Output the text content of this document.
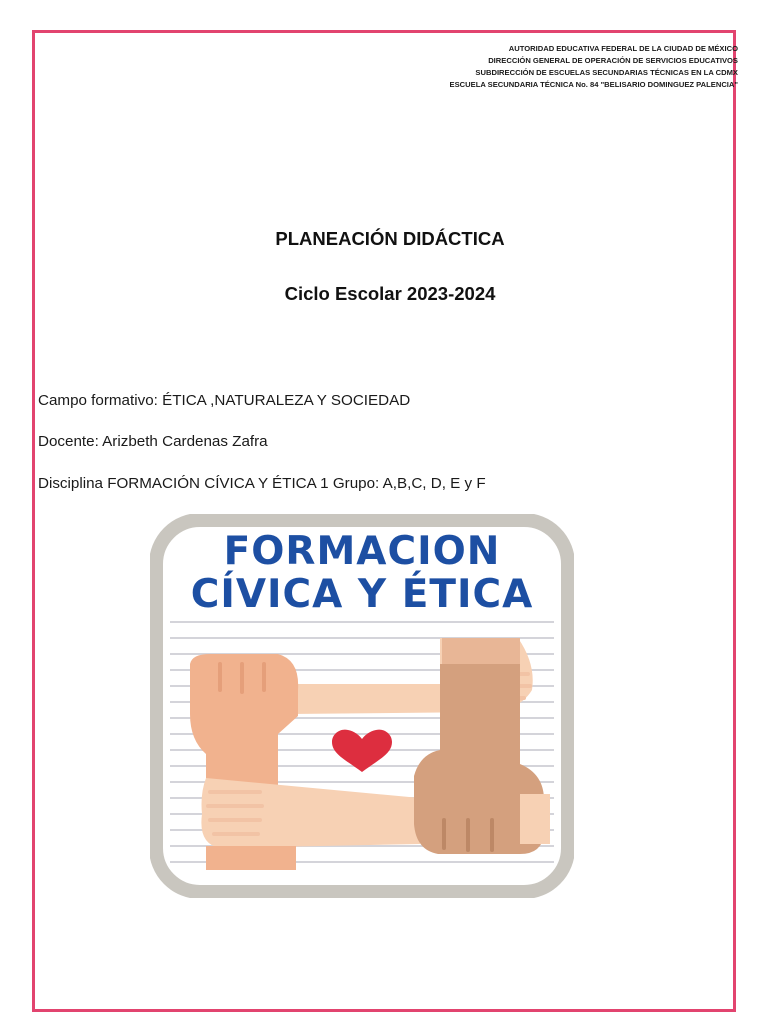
AUTORIDAD EDUCATIVA FEDERAL DE LA CIUDAD DE MÉXICO
DIRECCIÓN GENERAL DE OPERACIÓN DE SERVICIOS EDUCATIVOS
SUBDIRECCIÓN DE ESCUELAS SECUNDARIAS TÉCNICAS EN LA CDMX
ESCUELA SECUNDARIA TÉCNICA No. 84 "BELISARIO DOMINGUEZ PALENCIA"
PLANEACIÓN DIDÁCTICA
Ciclo Escolar 2023-2024
Campo formativo: ÉTICA ,NATURALEZA Y SOCIEDAD
Docente: Arizbeth Cardenas Zafra
Disciplina FORMACIÓN CÍVICA Y ÉTICA 1 Grupo: A,B,C, D, E y F
FORMACION
CÍVICA Y ÉTICA
